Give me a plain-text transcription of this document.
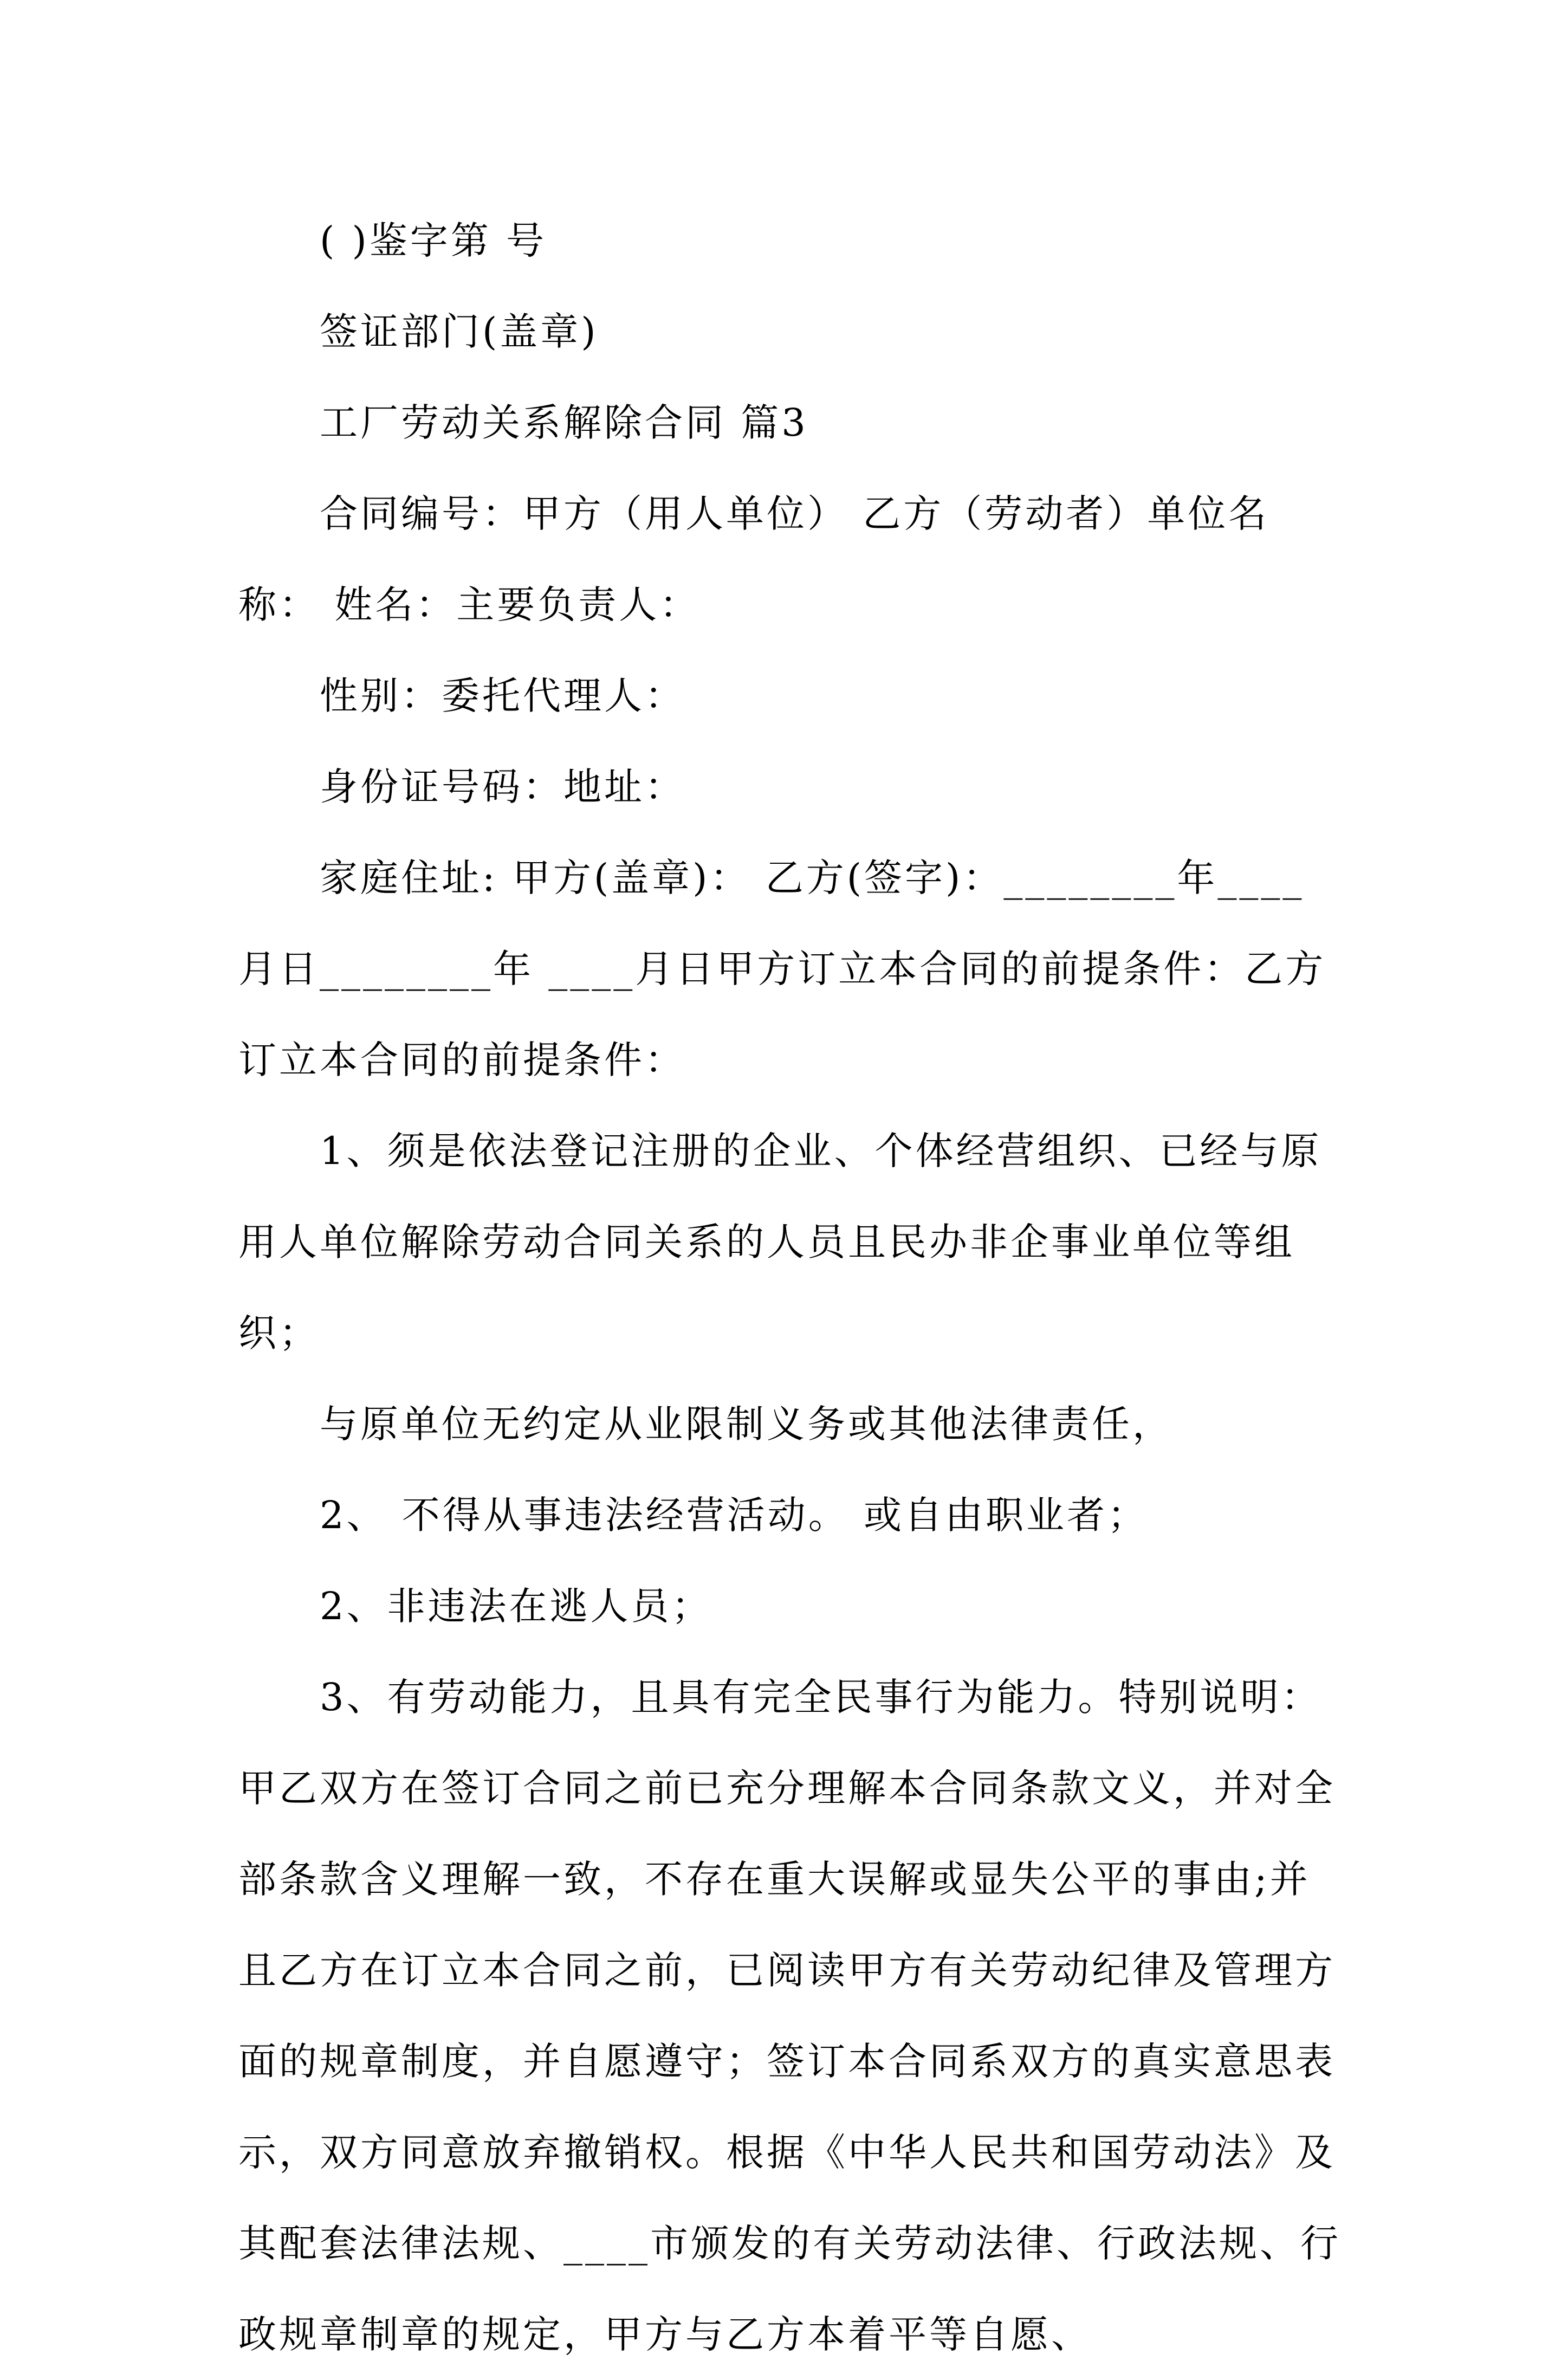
( )鉴字第 号

签证部门(盖章)

工厂劳动关系解除合同 篇3

合同编号：甲方（用人单位） 乙方（劳动者）单位名称： 姓名：主要负责人：

性别：委托代理人：

身份证号码：地址：

家庭住址: 甲方(盖章)： 乙方(签字)：________年____月日________年 ____月日甲方订立本合同的前提条件：乙方订立本合同的前提条件：

1、须是依法登记注册的企业、个体经营组织、已经与原用人单位解除劳动合同关系的人员且民办非企事业单位等组织；

与原单位无约定从业限制义务或其他法律责任，

2、 不得从事违法经营活动。 或自由职业者；

2、非违法在逃人员；

3、有劳动能力，且具有完全民事行为能力。特别说明：甲乙双方在签订合同之前已充分理解本合同条款文义，并对全部条款含义理解一致，不存在重大误解或显失公平的事由;并且乙方在订立本合同之前，已阅读甲方有关劳动纪律及管理方面的规章制度，并自愿遵守；签订本合同系双方的真实意思表示，双方同意放弃撤销权。根据《中华人民共和国劳动法》及其配套法律法规、____市颁发的有关劳动法律、行政法规、行政规章制章的规定，甲方与乙方本着平等自愿、
